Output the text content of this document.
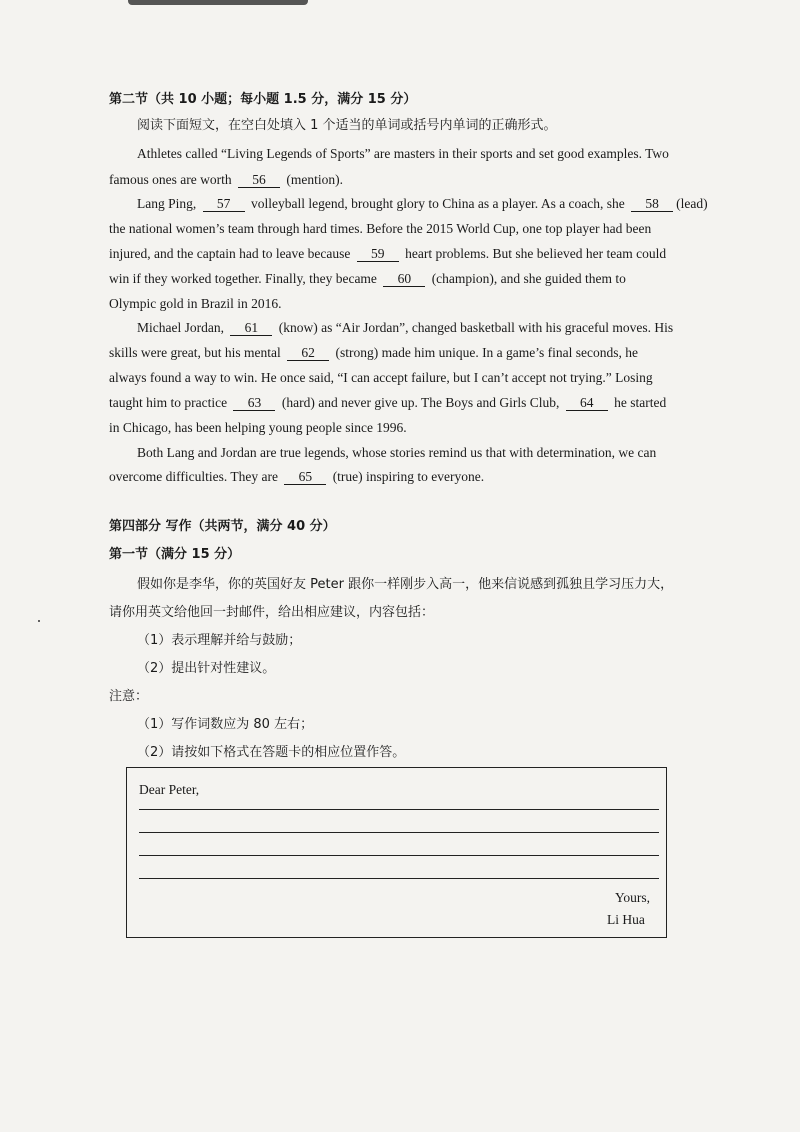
第二节（共 10 小题；每小题 1.5 分，满分 15 分）
阅读下面短文，在空白处填入 1 个适当的单词或括号内单词的正确形式。
Athletes called “Living Legends of Sports” are masters in their sports and set good examples. Two
famous ones are worth 56 (mention).
Lang Ping, 57 volleyball legend, brought glory to China as a player. As a coach, she 58 (lead)
the national women’s team through hard times. Before the 2015 World Cup, one top player had been
injured, and the captain had to leave because 59 heart problems. But she believed her team could
win if they worked together. Finally, they became 60 (champion), and she guided them to
Olympic gold in Brazil in 2016.
Michael Jordan, 61 (know) as “Air Jordan”, changed basketball with his graceful moves. His
skills were great, but his mental 62 (strong) made him unique. In a game’s final seconds, he
always found a way to win. He once said, “I can accept failure, but I can’t accept not trying.” Losing
taught him to practice 63 (hard) and never give up. The Boys and Girls Club, 64 he started
in Chicago, has been helping young people since 1996.
Both Lang and Jordan are true legends, whose stories remind us that with determination, we can
overcome difficulties. They are 65 (true) inspiring to everyone.
第四部分 写作（共两节，满分 40 分）
第一节（满分 15 分）
假如你是李华，你的英国好友 Peter 跟你一样刚步入高一，他来信说感到孤独且学习压力大，
请你用英文给他回一封邮件，给出相应建议，内容包括：
（1）表示理解并给与鼓励；
（2）提出针对性建议。
注意：
（1）写作词数应为 80 左右；
（2）请按如下格式在答题卡的相应位置作答。
Dear Peter,
Yours,
Li Hua
